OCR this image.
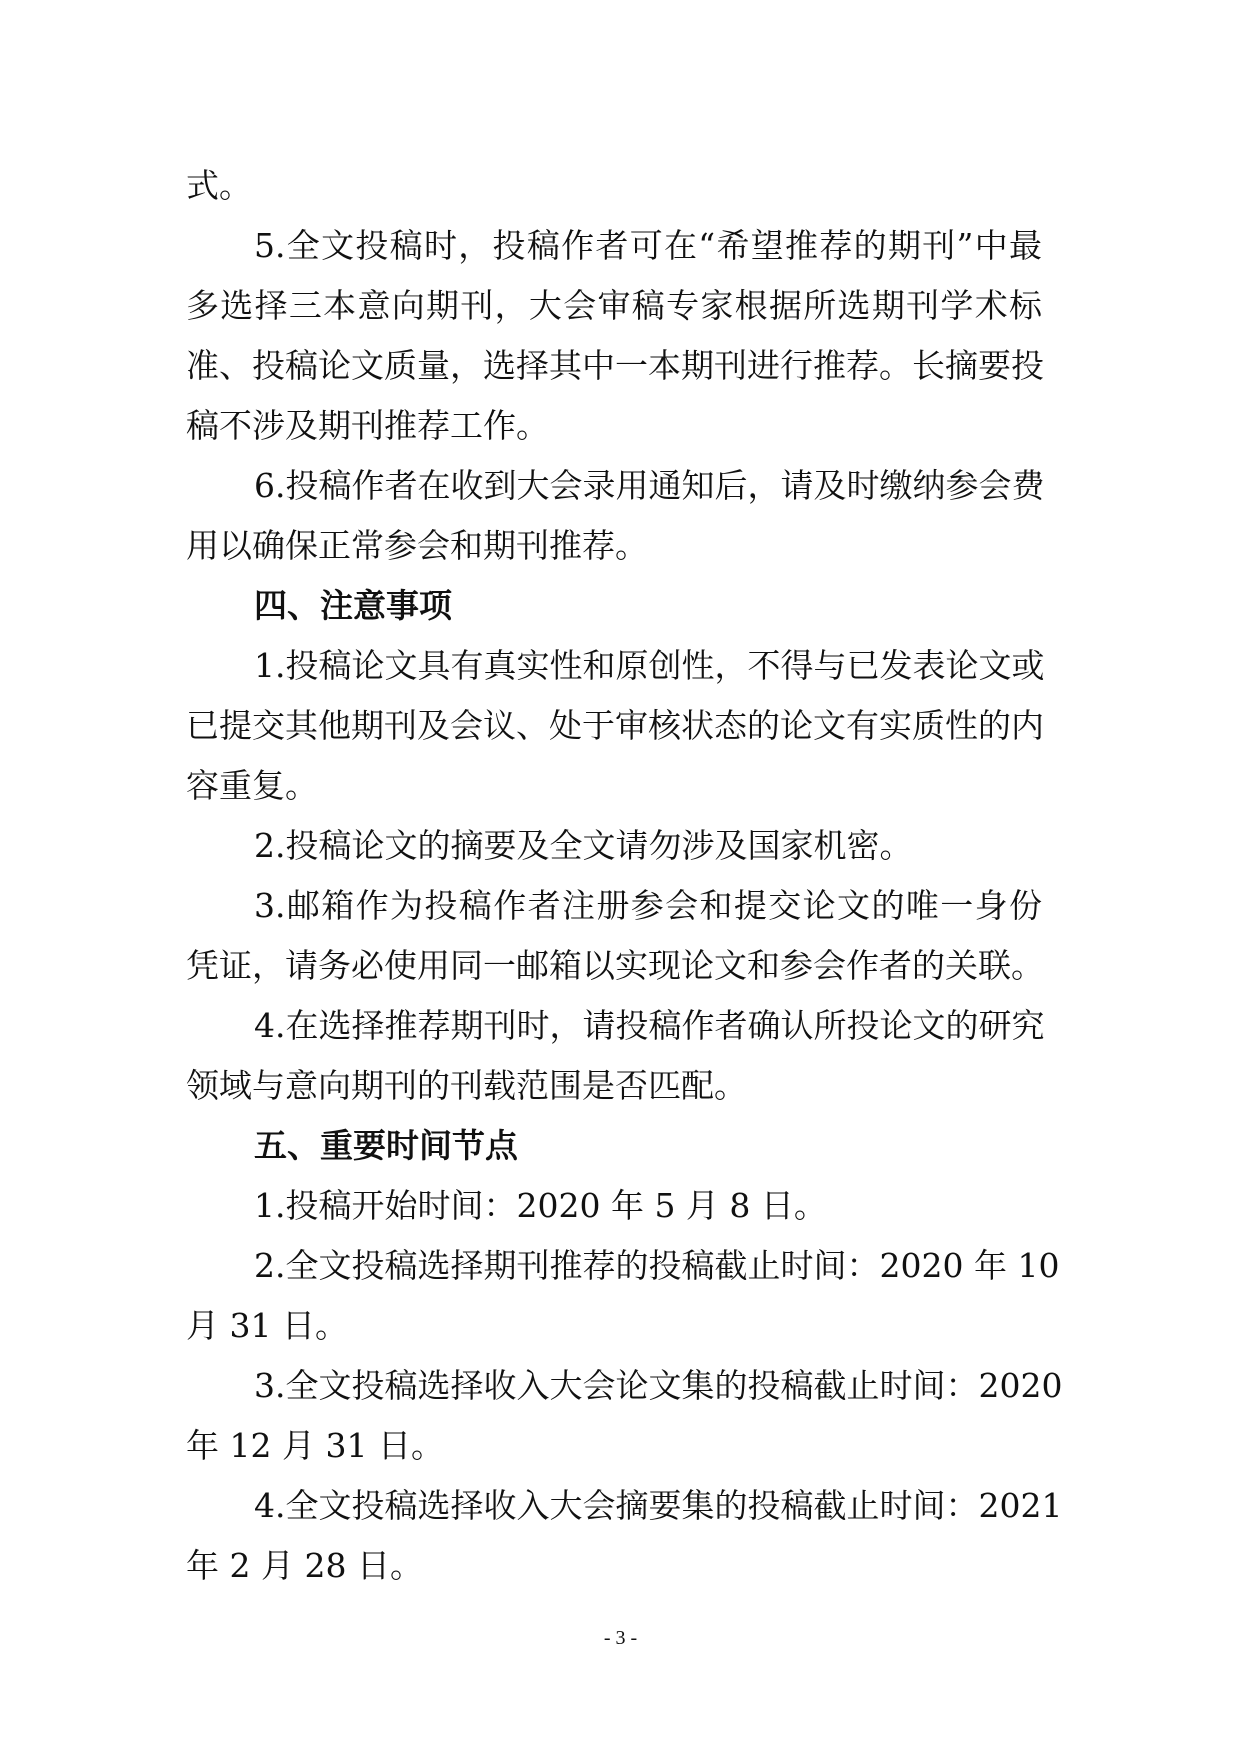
式。
5.全文投稿时，投稿作者可在“希望推荐的期刊”中最
多选择三本意向期刊，大会审稿专家根据所选期刊学术标
准、投稿论文质量，选择其中一本期刊进行推荐。长摘要投
稿不涉及期刊推荐工作。
6.投稿作者在收到大会录用通知后，请及时缴纳参会费
用以确保正常参会和期刊推荐。
四、注意事项
1.投稿论文具有真实性和原创性，不得与已发表论文或
已提交其他期刊及会议、处于审核状态的论文有实质性的内
容重复。
2.投稿论文的摘要及全文请勿涉及国家机密。
3.邮箱作为投稿作者注册参会和提交论文的唯一身份
凭证，请务必使用同一邮箱以实现论文和参会作者的关联。
4.在选择推荐期刊时，请投稿作者确认所投论文的研究
领域与意向期刊的刊载范围是否匹配。
五、重要时间节点
1.投稿开始时间：2020 年 5 月 8 日。
2.全文投稿选择期刊推荐的投稿截止时间：2020 年 10
月 31 日。
3.全文投稿选择收入大会论文集的投稿截止时间：2020
年 12 月 31 日。
4.全文投稿选择收入大会摘要集的投稿截止时间：2021
年 2 月 28 日。
- 3 -
